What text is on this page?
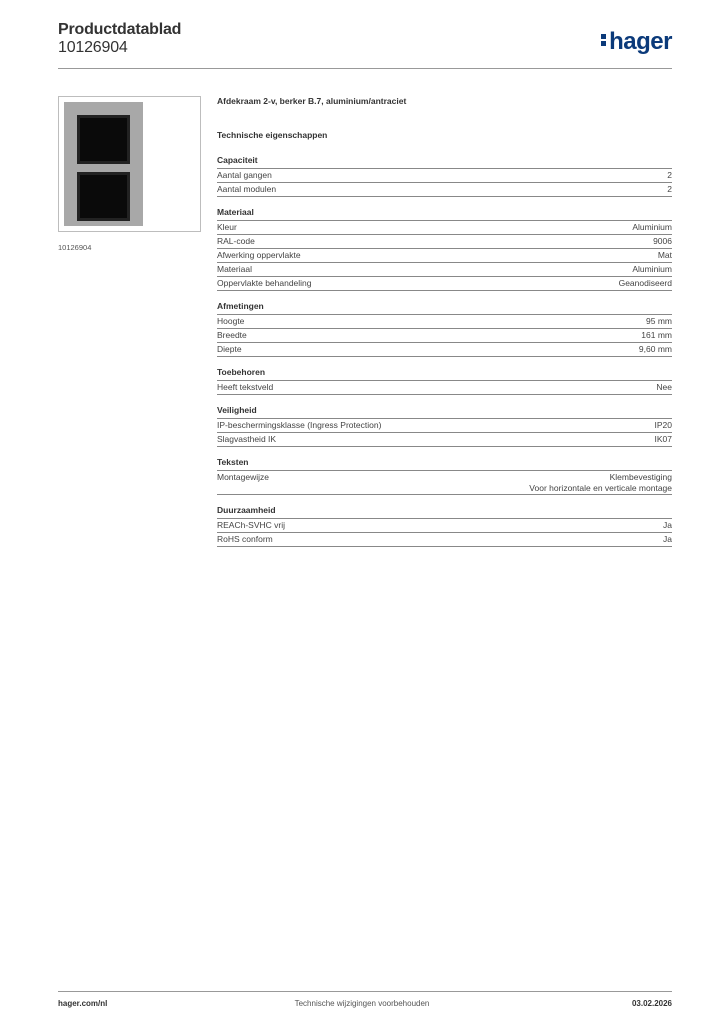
Productdatablad
10126904	hager
10126904
Afdekraam 2-v, berker B.7, aluminium/antraciet
Technische eigenschappen
Capaciteit
Aantal gangen	2
Aantal modulen	2
Materiaal
Kleur	Aluminium
RAL-code	9006
Afwerking oppervlakte	Mat
Materiaal	Aluminium
Oppervlakte behandeling	Geanodiseerd
Afmetingen
Hoogte	95 mm
Breedte	161 mm
Diepte	9,60 mm
Toebehoren
Heeft tekstveld	Nee
Veiligheid
IP-beschermingsklasse (Ingress Protection)	IP20
Slagvastheid IK	IK07
Teksten
Montagewijze	Klembevestiging
Voor horizontale en verticale montage
Duurzaamheid
REACh-SVHC vrij	Ja
RoHS conform	Ja
hager.com/nl	Technische wijzigingen voorbehouden	03.02.2026
